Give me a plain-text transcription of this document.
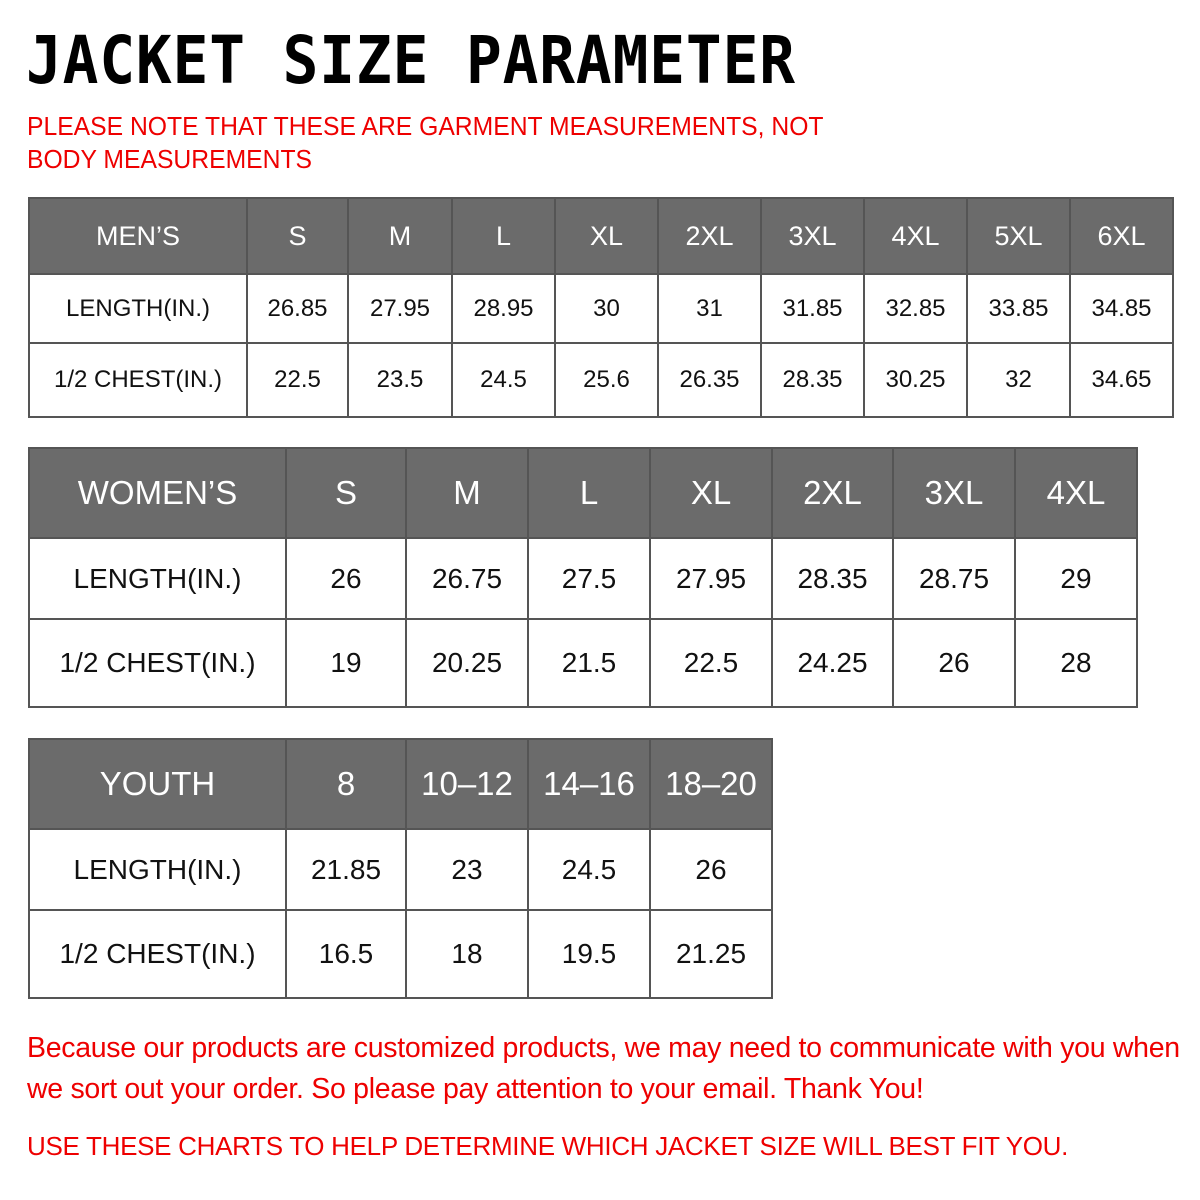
JACKET SIZE PARAMETER
PLEASE NOTE THAT THESE ARE GARMENT MEASUREMENTS, NOT BODY MEASUREMENTS
MEN’S	S	M	L	XL	2XL	3XL	4XL	5XL	6XL
LENGTH(IN.)	26.85	27.95	28.95	30	31	31.85	32.85	33.85	34.85
1/2 CHEST(IN.)	22.5	23.5	24.5	25.6	26.35	28.35	30.25	32	34.65
WOMEN’S	S	M	L	XL	2XL	3XL	4XL
LENGTH(IN.)	26	26.75	27.5	27.95	28.35	28.75	29
1/2 CHEST(IN.)	19	20.25	21.5	22.5	24.25	26	28
YOUTH	8	10–12	14–16	18–20
LENGTH(IN.)	21.85	23	24.5	26
1/2 CHEST(IN.)	16.5	18	19.5	21.25
Because our products are customized products, we may need to communicate with you when we sort out your order. So please pay attention to your email. Thank You!
USE THESE CHARTS TO HELP DETERMINE WHICH JACKET SIZE WILL BEST FIT YOU.
